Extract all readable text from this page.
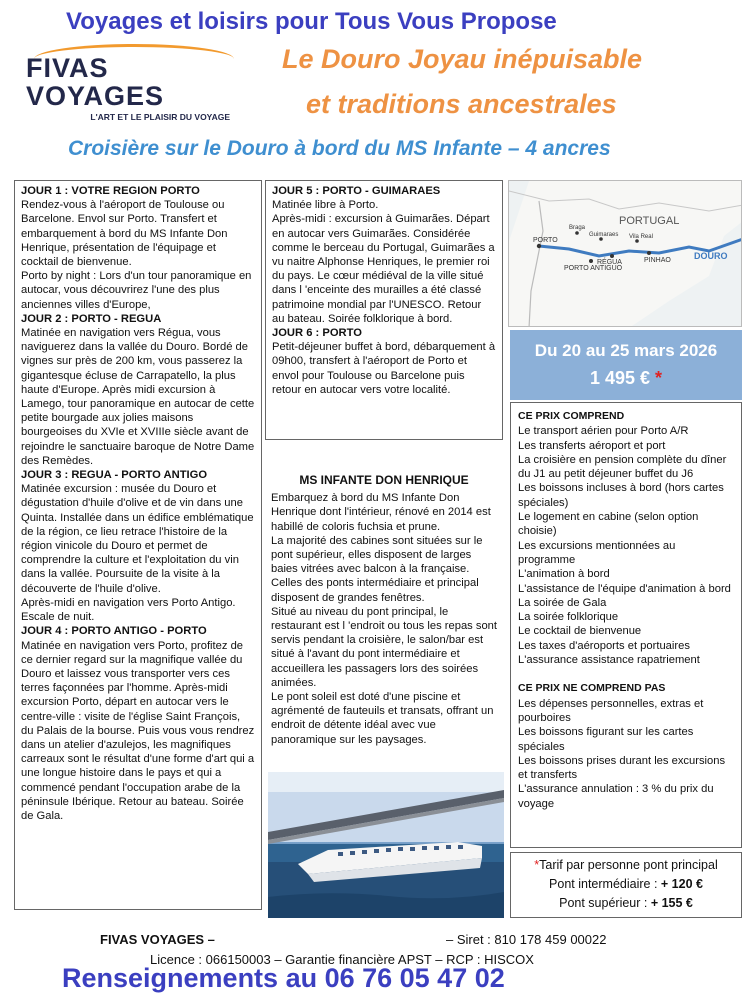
Voyages et loisirs pour Tous Vous Propose
FIVAS VOYAGES
L'ART ET LE PLAISIR DU VOYAGE
Le Douro Joyau inépuisable
et traditions ancestrales
Croisière sur le Douro à bord du MS Infante – 4 ancres

JOUR 1 : VOTRE REGION PORTO

Rendez-vous à l'aéroport de Toulouse ou Barcelone. Envol sur Porto. Transfert et embarquement à bord du MS Infante Don Henrique, présentation de l'équipage et cocktail de bienvenue.

Porto by night : Lors d'un tour panoramique en autocar, vous découvrirez l'une des plus anciennes villes d'Europe,

JOUR 2 : PORTO - REGUA

Matinée en navigation vers Régua, vous naviguerez dans la vallée du Douro. Bordé de vignes sur près de 200 km, vous passerez la gigantesque écluse de Carrapatello, la plus haute d'Europe. Après midi excursion à Lamego, tour panoramique en autocar de cette petite bourgade aux jolies maisons bourgeoises du XVIe et XVIIIe siècle avant de rejoindre le sanctuaire baroque de Notre Dame des Remèdes.

JOUR 3 : REGUA - PORTO ANTIGO

Matinée excursion : musée du Douro et dégustation d'huile d'olive et de vin dans une Quinta. Installée dans un édifice emblématique de la région, ce lieu retrace l'histoire de la région vinicole du Douro et permet de comprendre la culture et l'exploitation du vin dans la vallée. Poursuite de la visite à la découverte de l'huile d'olive.

Après-midi en navigation vers Porto Antigo. Escale de nuit.

JOUR 4 : PORTO ANTIGO - PORTO

Matinée en navigation vers Porto, profitez de ce dernier regard sur la magnifique vallée du Douro et laissez vous transporter vers ces terres façonnées par l'homme. Après-midi excursion Porto, départ en autocar vers le centre-ville : visite de l'église Saint François, du Palais de la bourse. Puis vous vous rendrez dans un atelier d'azulejos, les magnifiques carreaux sont le résultat d'une forme d'art qui a une longue histoire dans le pays et qui a commencé pendant l'occupation arabe de la péninsule Ibérique. Retour au bateau. Soirée de Gala.

JOUR 5 : PORTO - GUIMARAES

Matinée libre à Porto.

Après-midi : excursion à Guimarães. Départ en autocar vers Guimarães. Considérée comme le berceau du Portugal, Guimarães a vu naitre Alphonse Henriques, le premier roi du pays. Le cœur médiéval de la ville situé dans l 'enceinte des murailles a été classé patrimoine mondial par l'UNESCO. Retour au bateau. Soirée folklorique à bord.

JOUR 6 : PORTO

Petit-déjeuner buffet à bord, débarquement à 09h00, transfert à l'aéroport de Porto et envol pour Toulouse ou Barcelone puis retour en autocar vers votre localité.

MS INFANTE DON HENRIQUE

Embarquez à bord du MS Infante Don Henrique dont l'intérieur, rénové en 2014 est habillé de coloris fuchsia et prune.

La majorité des cabines sont situées sur le pont supérieur, elles disposent de larges baies vitrées avec balcon à la française. Celles des ponts intermédiaire et principal disposent de grandes fenêtres.

Situé au niveau du pont principal, le restaurant est l 'endroit ou tous les repas sont servis pendant la croisière, le salon/bar est situé à l'avant du pont intermédiaire et accueillera les passagers lors des soirées animées.

Le pont soleil est doté d'une piscine et agrémenté de fauteuils et transats, offrant un endroit de détente idéal avec vue panoramique sur les paysages.

PORTUGAL
DOURO
Braga
Guimaraes
PORTO
RÉGUA
Vila Real
PINHAO
PORTO ANTIGUO
Du 20 au 25 mars 2026
1 495 € *
CE PRIX COMPREND

Le transport aérien pour Porto A/R

Les transferts aéroport et port

La croisière en pension complète du dîner du J1 au petit déjeuner buffet du J6

Les boissons incluses à bord (hors cartes spéciales)

Le logement en cabine (selon option choisie)

Les excursions mentionnées au programme

L'animation à bord

L'assistance de l'équipe d'animation à bord

La soirée de Gala

La soirée folklorique

Le cocktail de bienvenue

Les taxes d'aéroports et portuaires

L'assurance assistance rapatriement

CE PRIX NE COMPREND PAS

Les dépenses personnelles, extras et pourboires

Les boissons figurant sur les cartes spéciales

Les boissons prises durant les excursions et transferts

L'assurance annulation : 3 % du prix du voyage

*Tarif par personne pont principal
Pont intermédiaire : + 120 €
Pont supérieur : + 155 €
FIVAS VOYAGES –	– Siret : 810 178 459 00022
Licence : 066150003 – Garantie financière APST – RCP : HISCOX
Renseignements au 06 76 05 47 02
